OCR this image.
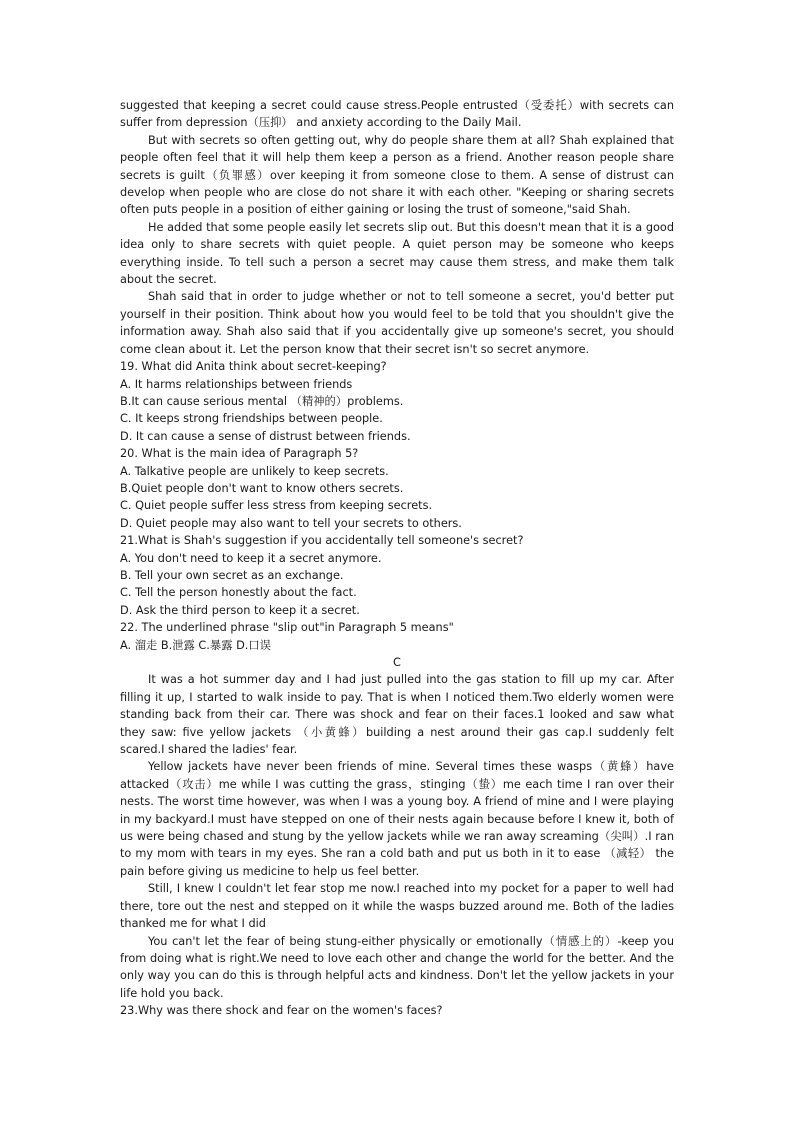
suggested that keeping a secret could cause stress.People entrusted（受委托）with secrets can suffer from depression（压抑） and anxiety according to the Daily Mail.

But with secrets so often getting out, why do people share them at all? Shah explained that people often feel that it will help them keep a person as a friend. Another reason people share secrets is guilt（负罪感）over keeping it from someone close to them. A sense of distrust can develop when people who are close do not share it with each other. "Keeping or sharing secrets often puts people in a position of either gaining or losing the trust of someone,"said Shah.

He added that some people easily let secrets slip out. But this doesn't mean that it is a good idea only to share secrets with quiet people. A quiet person may be someone who keeps everything inside. To tell such a person a secret may cause them stress, and make them talk about the secret.

Shah said that in order to judge whether or not to tell someone a secret, you'd better put yourself in their position. Think about how you would feel to be told that you shouldn't give the information away. Shah also said that if you accidentally give up someone's secret, you should come clean about it. Let the person know that their secret isn't so secret anymore.

19. What did Anita think about secret-keeping?

A. It harms relationships between friends

B.It can cause serious mental （精神的）problems.

C. It keeps strong friendships between people.

D. It can cause a sense of distrust between friends.

20. What is the main idea of Paragraph 5?

A. Talkative people are unlikely to keep secrets.

B.Quiet people don't want to know others secrets.

C. Quiet people suffer less stress from keeping secrets.

D. Quiet people may also want to tell your secrets to others.

21.What is Shah's suggestion if you accidentally tell someone's secret?

A. You don't need to keep it a secret anymore.

B. Tell your own secret as an exchange.

C. Tell the person honestly about the fact.

D. Ask the third person to keep it a secret.

22. The underlined phrase "slip out"in Paragraph 5 means"

A. 溜走 B.泄露 C.暴露 D.口误

C

It was a hot summer day and I had just pulled into the gas station to fill up my car. After filling it up, I started to walk inside to pay. That is when I noticed them.Two elderly women were standing back from their car. There was shock and fear on their faces.1 looked and saw what they saw: five yellow jackets （小黄蜂）building a nest around their gas cap.I suddenly felt scared.I shared the ladies' fear.

Yellow jackets have never been friends of mine. Several times these wasps（黄蜂）have attacked（攻击）me while I was cutting the grass，stinging（蛰）me each time I ran over their nests. The worst time however, was when I was a young boy. A friend of mine and I were playing in my backyard.I must have stepped on one of their nests again because before I knew it, both of us were being chased and stung by the yellow jackets while we ran away screaming（尖叫）.I ran to my mom with tears in my eyes. She ran a cold bath and put us both in it to ease （减轻） the pain before giving us medicine to help us feel better.

Still, I knew I couldn't let fear stop me now.I reached into my pocket for a paper to well had there, tore out the nest and stepped on it while the wasps buzzed around me. Both of the ladies thanked me for what I did

You can't let the fear of being stung-either physically or emotionally（情感上的）-keep you from doing what is right.We need to love each other and change the world for the better. And the only way you can do this is through helpful acts and kindness. Don't let the yellow jackets in your life hold you back.

23.Why was there shock and fear on the women's faces?
